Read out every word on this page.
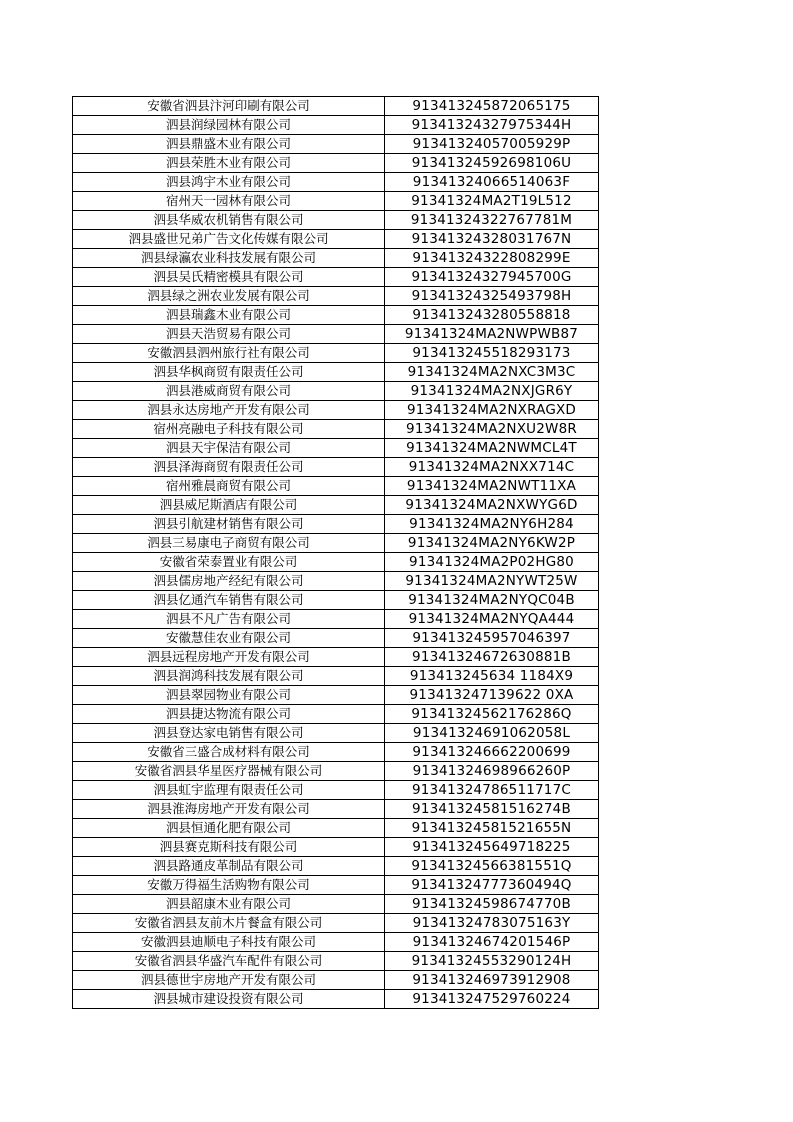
安徽省泗县汴河印刷有限公司	913413245872065175
泗县润绿园林有限公司	91341324327975344H
泗县鼎盛木业有限公司	91341324057005929P
泗县荣胜木业有限公司	91341324592698106U
泗县鸿宇木业有限公司	91341324066514063F
宿州天一园林有限公司	91341324MA2T19L512
泗县华威农机销售有限公司	91341324322767781M
泗县盛世兄弟广告文化传媒有限公司	91341324328031767N
泗县绿瀛农业科技发展有限公司	91341324322808299E
泗县吴氏精密模具有限公司	91341324327945700G
泗县绿之洲农业发展有限公司	91341324325493798H
泗县瑞鑫木业有限公司	913413243280558818
泗县天浩贸易有限公司	91341324MA2NWPWB87
安徽泗县泗州旅行社有限公司	913413245518293173
泗县华枫商贸有限责任公司	91341324MA2NXC3M3C
泗县港威商贸有限公司	91341324MA2NXJGR6Y
泗县永达房地产开发有限公司	91341324MA2NXRAGXD
宿州亮融电子科技有限公司	91341324MA2NXU2W8R
泗县天宇保洁有限公司	91341324MA2NWMCL4T
泗县泽海商贸有限责任公司	91341324MA2NXX714C
宿州雅晨商贸有限公司	91341324MA2NWT11XA
泗县威尼斯酒店有限公司	91341324MA2NXWYG6D
泗县引航建材销售有限公司	91341324MA2NY6H284
泗县三易康电子商贸有限公司	91341324MA2NY6KW2P
安徽省荣泰置业有限公司	91341324MA2P02HG80
泗县儒房地产经纪有限公司	91341324MA2NYWT25W
泗县亿通汽车销售有限公司	91341324MA2NYQC04B
泗县不凡广告有限公司	91341324MA2NYQA444
安徽慧佳农业有限公司	913413245957046397
泗县远程房地产开发有限公司	91341324672630881B
泗县润鸿科技发展有限公司	913413245634 1184X9
泗县翠园物业有限公司	913413247139622 0XA
泗县捷达物流有限公司	91341324562176286Q
泗县登达家电销售有限公司	91341324691062058L
安徽省三盛合成材料有限公司	913413246662200699
安徽省泗县华星医疗器械有限公司	91341324698966260P
泗县虹宇监理有限责任公司	91341324786511717C
泗县淮海房地产开发有限公司	91341324581516274B
泗县恒通化肥有限公司	91341324581521655N
泗县赛克斯科技有限公司	913413245649718225
泗县路通皮革制品有限公司	91341324566381551Q
安徽万得福生活购物有限公司	91341324777360494Q
泗县韶康木业有限公司	91341324598674770B
安徽省泗县友前木片餐盒有限公司	91341324783075163Y
安徽泗县迪顺电子科技有限公司	91341324674201546P
安徽省泗县华盛汽车配件有限公司	91341324553290124H
泗县德世宇房地产开发有限公司	913413246973912908
泗县城市建设投资有限公司	913413247529760224
